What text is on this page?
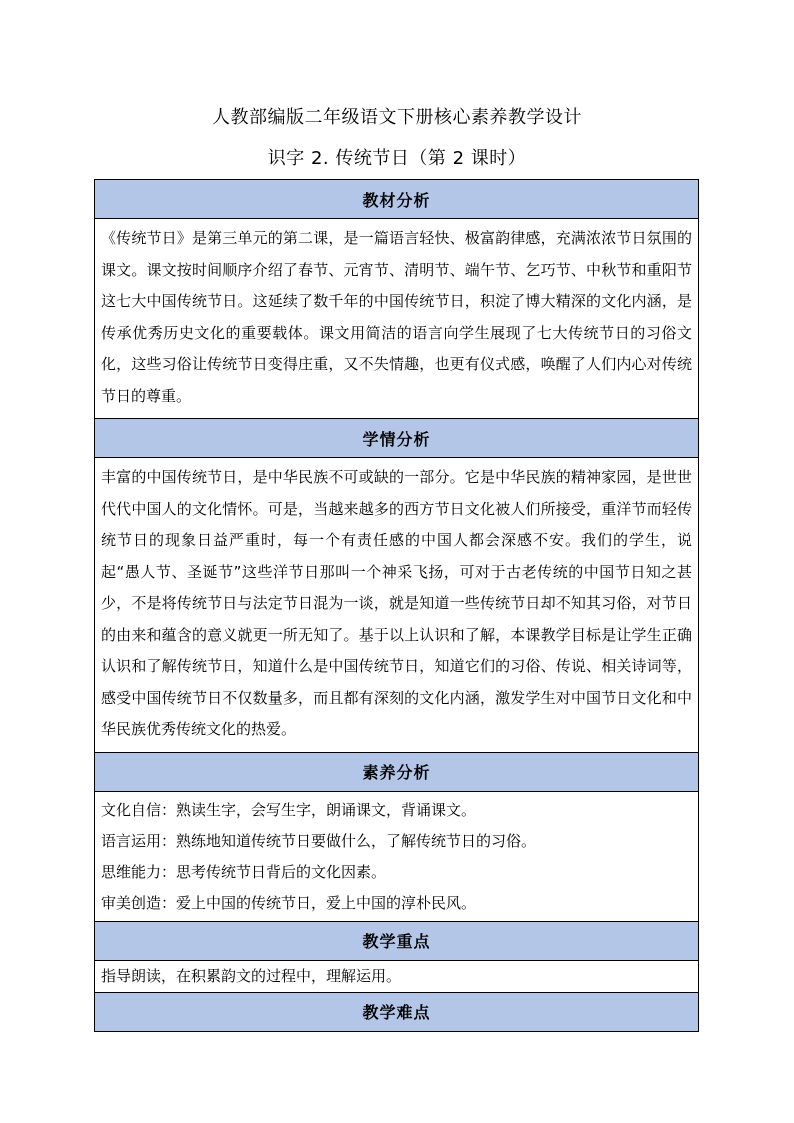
人教部编版二年级语文下册核心素养教学设计
识字 2. 传统节日（第 2 课时）
教材分析

《传统节日》是第三单元的第二课，是一篇语言轻快、极富韵律感，充满浓浓节日氛围的课文。课文按时间顺序介绍了春节、元宵节、清明节、端午节、乞巧节、中秋节和重阳节这七大中国传统节日。这延续了数千年的中国传统节日，积淀了博大精深的文化内涵，是传承优秀历史文化的重要载体。课文用简洁的语言向学生展现了七大传统节日的习俗文化，这些习俗让传统节日变得庄重，又不失情趣，也更有仪式感，唤醒了人们内心对传统节日的尊重。

学情分析

丰富的中国传统节日，是中华民族不可或缺的一部分。它是中华民族的精神家园，是世世代代中国人的文化情怀。可是，当越来越多的西方节日文化被人们所接受，重洋节而轻传统节日的现象日益严重时，每一个有责任感的中国人都会深感不安。我们的学生，说起“愚人节、圣诞节”这些洋节日那叫一个神采飞扬，可对于古老传统的中国节日知之甚少，不是将传统节日与法定节日混为一谈，就是知道一些传统节日却不知其习俗，对节日的由来和蕴含的意义就更一所无知了。基于以上认识和了解，本课教学目标是让学生正确认识和了解传统节日，知道什么是中国传统节日，知道它们的习俗、传说、相关诗词等，感受中国传统节日不仅数量多，而且都有深刻的文化内涵，激发学生对中国节日文化和中华民族优秀传统文化的热爱。

素养分析
文化自信：熟读生字，会写生字，朗诵课文，背诵课文。
语言运用：熟练地知道传统节日要做什么，了解传统节日的习俗。
思维能力：思考传统节日背后的文化因素。
审美创造：爱上中国的传统节日，爱上中国的淳朴民风。
教学重点
指导朗读，在积累韵文的过程中，理解运用。
教学难点
